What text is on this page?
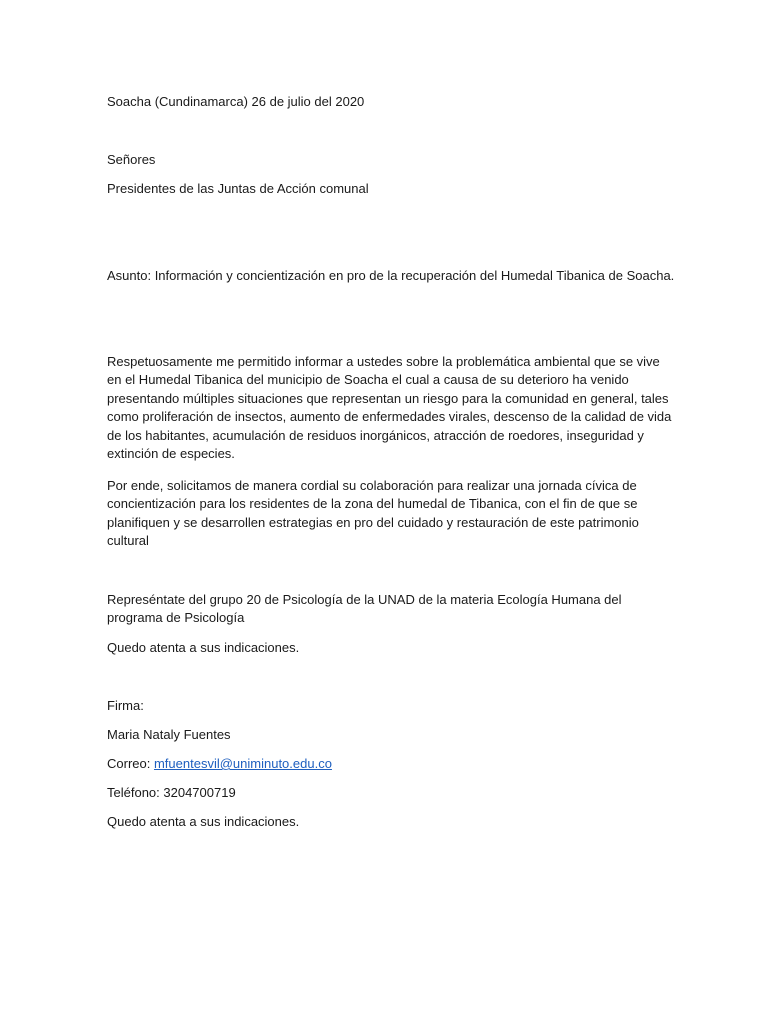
Soacha (Cundinamarca) 26 de julio del 2020
Señores
Presidentes de las Juntas de Acción comunal
Asunto: Información y concientización en pro de la recuperación del Humedal Tibanica de Soacha.
Respetuosamente me permitido informar a ustedes sobre la problemática ambiental que se vive
en el Humedal Tibanica del municipio de Soacha el cual a causa de su deterioro ha venido
presentando múltiples situaciones que representan un riesgo para la comunidad en general, tales
como proliferación de insectos, aumento de enfermedades virales, descenso de la calidad de vida
de los habitantes, acumulación de residuos inorgánicos, atracción de roedores, inseguridad y
extinción de especies.
Por ende, solicitamos de manera cordial su colaboración para realizar una jornada cívica de
concientización para los residentes de la zona del humedal de Tibanica, con el fin de que se
planifiquen y se desarrollen estrategias en pro del cuidado y restauración de este patrimonio
cultural
Represéntate del grupo 20 de Psicología de la UNAD de la materia Ecología Humana del
programa de Psicología
Quedo atenta a sus indicaciones.
Firma:
Maria Nataly Fuentes
Correo: mfuentesvil@uniminuto.edu.co
Teléfono: 3204700719
Quedo atenta a sus indicaciones.
